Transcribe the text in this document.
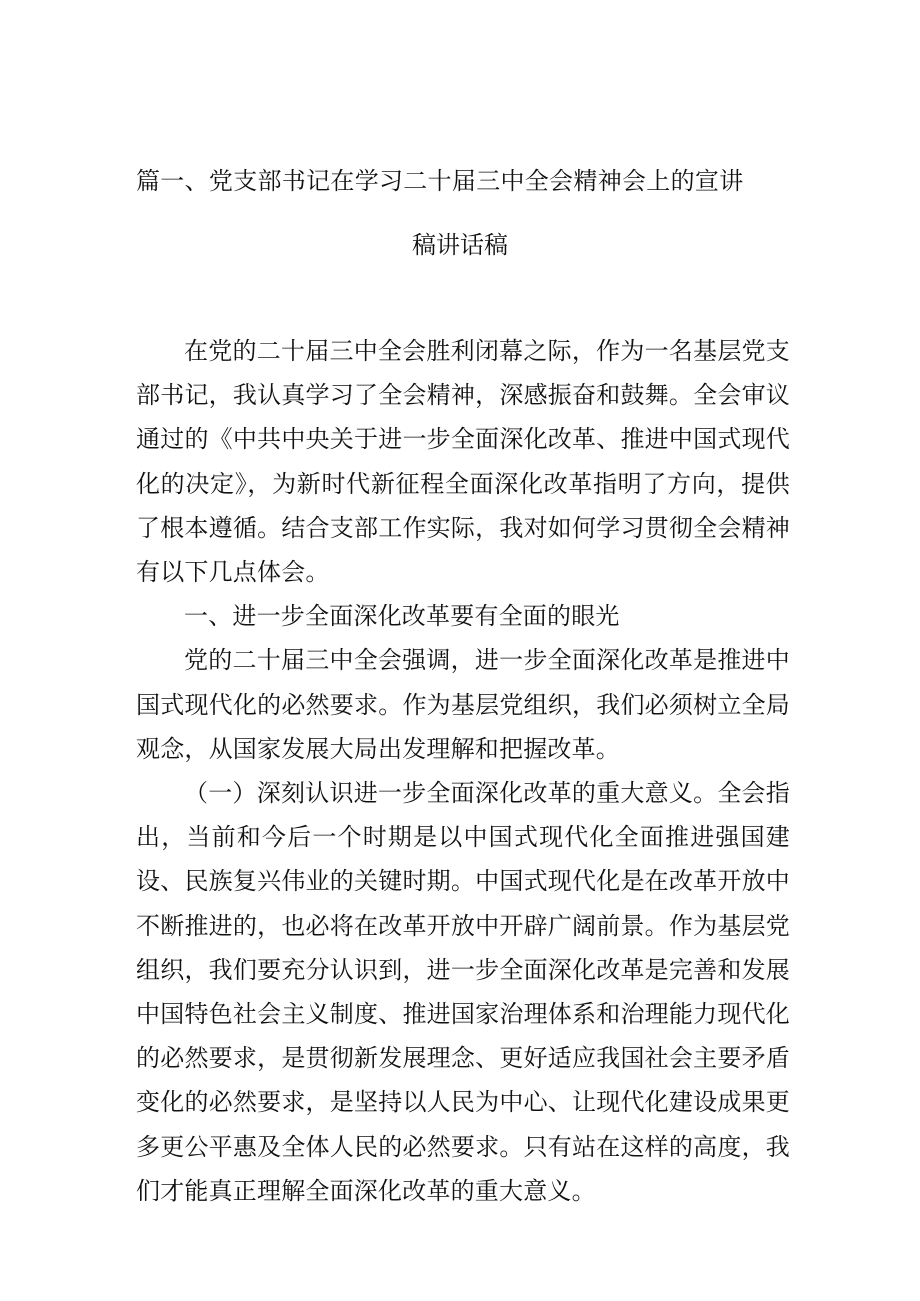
篇一、党支部书记在学习二十届三中全会精神会上的宣讲
稿讲话稿

在党的二十届三中全会胜利闭幕之际，作为一名基层党支部书记，我认真学习了全会精神，深感振奋和鼓舞。全会审议通过的《中共中央关于进一步全面深化改革、推进中国式现代化的决定》，为新时代新征程全面深化改革指明了方向，提供了根本遵循。结合支部工作实际，我对如何学习贯彻全会精神有以下几点体会。

一、进一步全面深化改革要有全面的眼光

党的二十届三中全会强调，进一步全面深化改革是推进中国式现代化的必然要求。作为基层党组织，我们必须树立全局观念，从国家发展大局出发理解和把握改革。

（一）深刻认识进一步全面深化改革的重大意义。全会指出，当前和今后一个时期是以中国式现代化全面推进强国建设、民族复兴伟业的关键时期。中国式现代化是在改革开放中不断推进的，也必将在改革开放中开辟广阔前景。作为基层党组织，我们要充分认识到，进一步全面深化改革是完善和发展中国特色社会主义制度、推进国家治理体系和治理能力现代化的必然要求，是贯彻新发展理念、更好适应我国社会主要矛盾变化的必然要求，是坚持以人民为中心、让现代化建设成果更多更公平惠及全体人民的必然要求。只有站在这样的高度，我们才能真正理解全面深化改革的重大意义。
